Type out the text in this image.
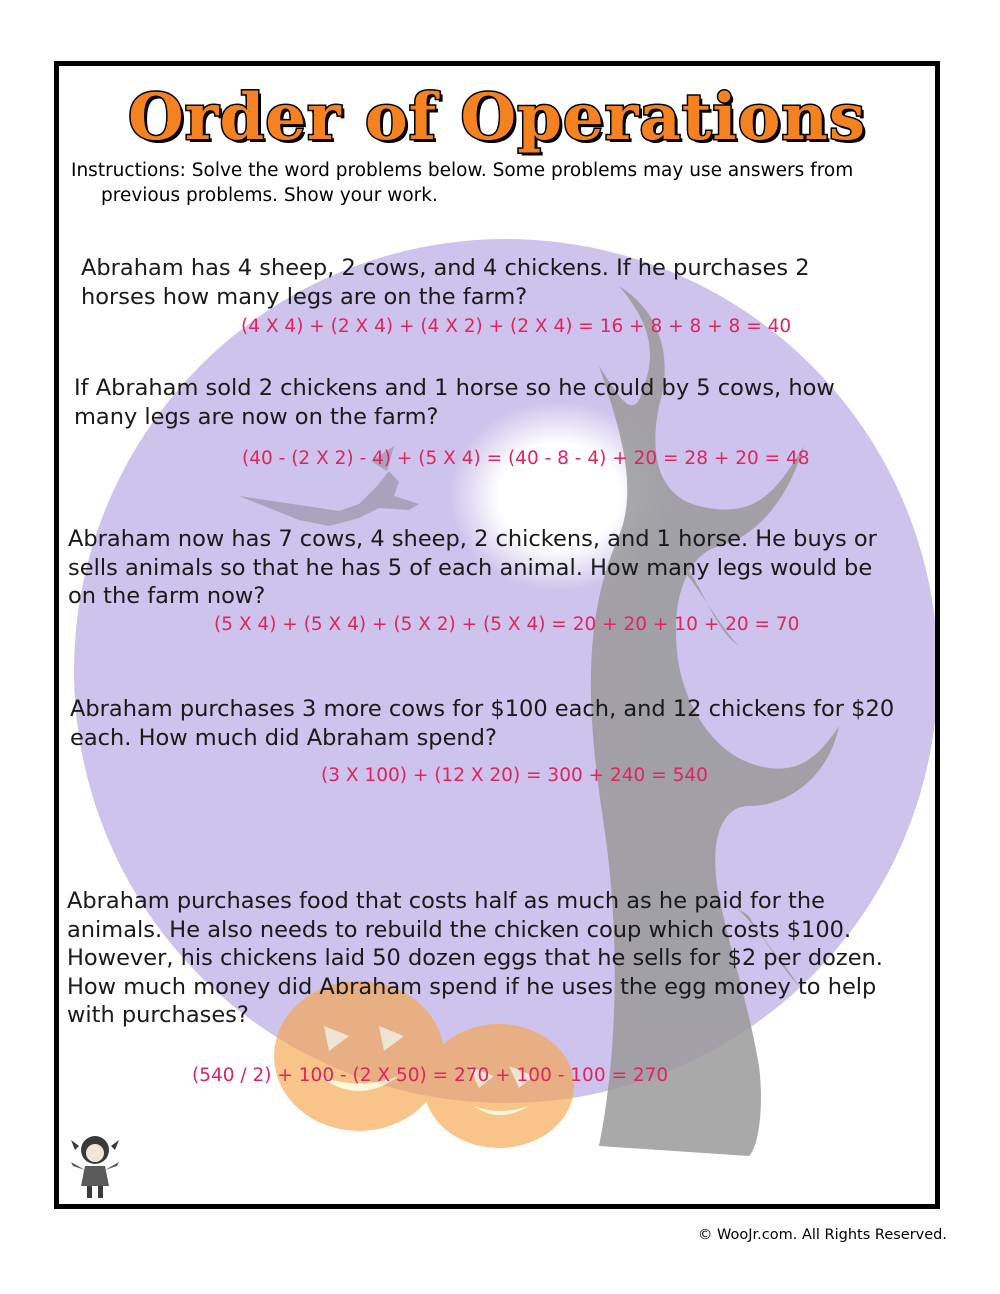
Order of Operations
Instructions: Solve the word problems below. Some problems may use answers from previous problems. Show your work.
Abraham has 4 sheep, 2 cows, and 4 chickens. If he purchases 2 horses how many legs are on the farm?
(4 X 4) + (2 X 4) + (4 X 2) + (2 X 4) = 16 + 8 + 8 + 8 = 40
If Abraham sold 2 chickens and 1 horse so he could by 5 cows, how many legs are now on the farm?
(40 - (2 X 2) - 4) + (5 X 4) = (40 - 8 - 4) + 20 = 28 + 20 = 48
Abraham now has 7 cows, 4 sheep, 2 chickens, and 1 horse. He buys or sells animals so that he has 5 of each animal. How many legs would be on the farm now?
(5 X 4) + (5 X 4) + (5 X 2) + (5 X 4) = 20 + 20 + 10 + 20 = 70
Abraham purchases 3 more cows for $100 each, and 12 chickens for $20 each. How much did Abraham spend?
(3 X 100) + (12 X 20) = 300 + 240 = 540
Abraham purchases food that costs half as much as he paid for the animals. He also needs to rebuild the chicken coup which costs $100. However, his chickens laid 50 dozen eggs that he sells for $2 per dozen. How much money did Abraham spend if he uses the egg money to help with purchases?
(540 / 2) + 100 - (2 X 50) = 270 + 100 - 100 = 270
© WooJr.com. All Rights Reserved.
